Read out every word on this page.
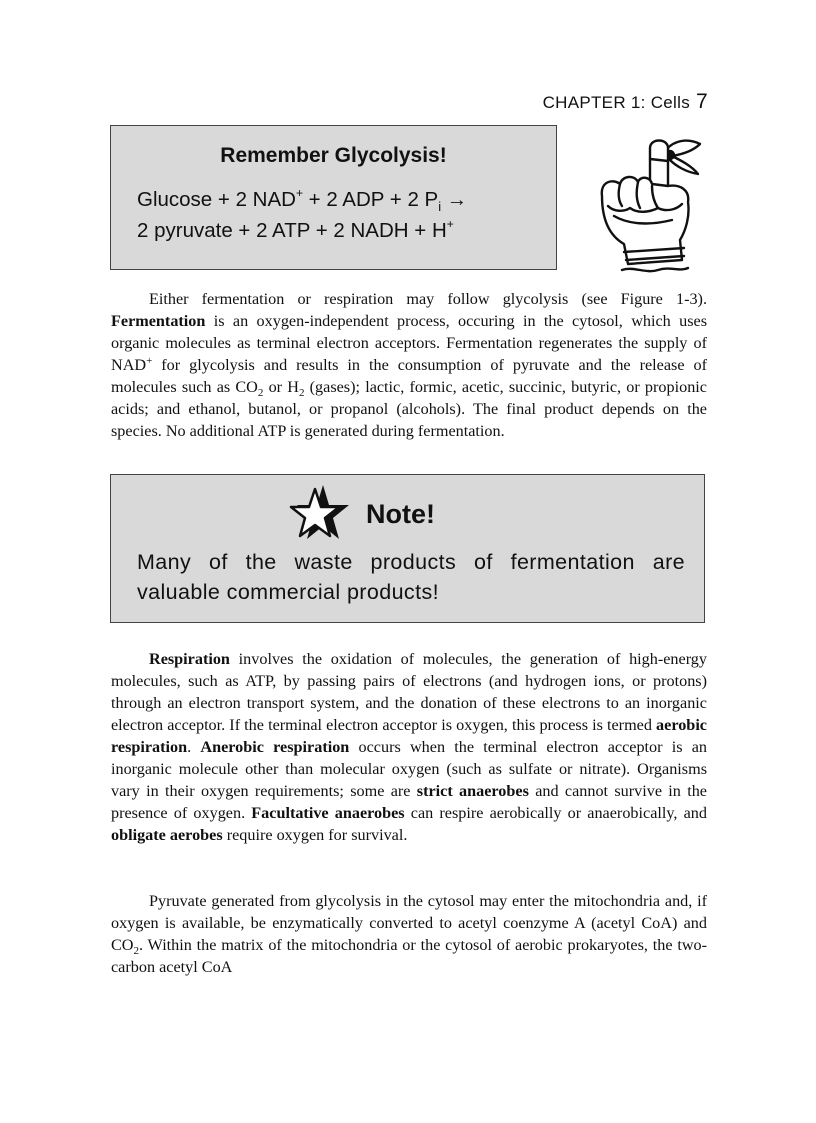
CHAPTER 1: Cells 7
Remember Glycolysis!
Glucose + 2 NAD+ + 2 ADP + 2 $P_i$ →
2 pyruvate + 2 ATP + 2 NADH + H+

Either fermentation or respiration may follow glycolysis (see Figure 1-3). Fermentation is an oxygen-independent process, occuring in the cytosol, which uses organic molecules as terminal electron acceptors. Fermentation regenerates the supply of NAD+ for glycolysis and results in the consumption of pyruvate and the release of molecules such as $CO_2$ or $H_2$ (gases); lactic, formic, acetic, succinic, butyric, or propionic acids; and ethanol, butanol, or propanol (alcohols). The final product depends on the species. No additional ATP is generated during fermentation.

Note!

Many of the waste products of fermentation are valuable commercial products!

Respiration involves the oxidation of molecules, the generation of high-energy molecules, such as ATP, by passing pairs of electrons (and hydrogen ions, or protons) through an electron transport system, and the donation of these electrons to an inorganic electron acceptor. If the terminal electron acceptor is oxygen, this process is termed aerobic respiration. Anerobic respiration occurs when the terminal electron acceptor is an inorganic molecule other than molecular oxygen (such as sulfate or nitrate). Organisms vary in their oxygen requirements; some are strict anaerobes and cannot survive in the presence of oxygen. Facultative anaerobes can respire aerobically or anaerobically, and obligate aerobes require oxygen for survival.

Pyruvate generated from glycolysis in the cytosol may enter the mitochondria and, if oxygen is available, be enzymatically converted to acetyl coenzyme A (acetyl CoA) and $CO_2$. Within the matrix of the mitochondria or the cytosol of aerobic prokaryotes, the two-carbon acetyl CoA
